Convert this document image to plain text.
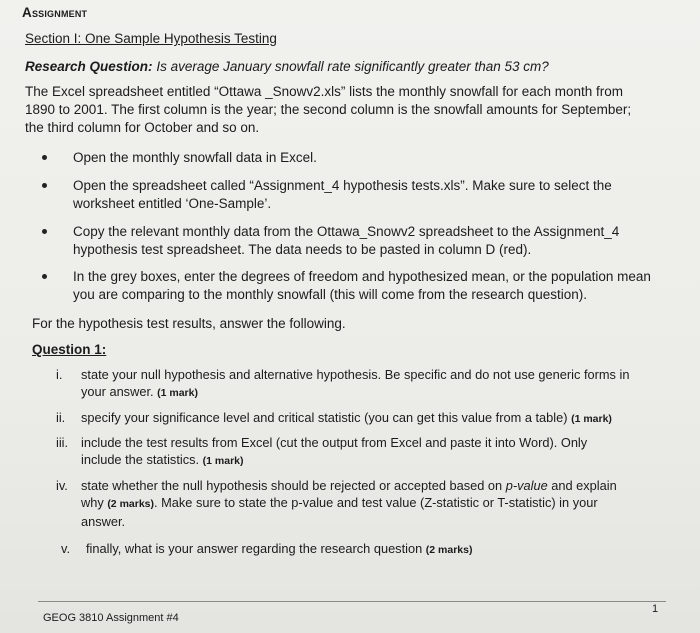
Assignment
Section I: One Sample Hypothesis Testing
Research Question: Is average January snowfall rate significantly greater than 53 cm?
The Excel spreadsheet entitled “Ottawa _Snowv2.xls” lists the monthly snowfall for each month from
1890 to 2001. The first column is the year; the second column is the snowfall amounts for September;
the third column for October and so on.
Open the monthly snowfall data in Excel.
Open the spreadsheet called “Assignment_4 hypothesis tests.xls”. Make sure to select the
worksheet entitled ‘One-Sample’.
Copy the relevant monthly data from the Ottawa_Snowv2 spreadsheet to the Assignment_4
hypothesis test spreadsheet. The data needs to be pasted in column D (red).
In the grey boxes, enter the degrees of freedom and hypothesized mean, or the population mean
you are comparing to the monthly snowfall (this will come from the research question).
For the hypothesis test results, answer the following.
Question 1:
i.	state your null hypothesis and alternative hypothesis. Be specific and do not use generic forms in
your answer. (1 mark)
ii.	specify your significance level and critical statistic (you can get this value from a table) (1 mark)
iii.	include the test results from Excel (cut the output from Excel and paste it into Word). Only
include the statistics. (1 mark)
iv.	state whether the null hypothesis should be rejected or accepted based on p-value and explain
why (2 marks). Make sure to state the p-value and test value (Z-statistic or T-statistic) in your
answer.
v.	finally, what is your answer regarding the research question (2 marks)
GEOG 3810 Assignment #4
1
